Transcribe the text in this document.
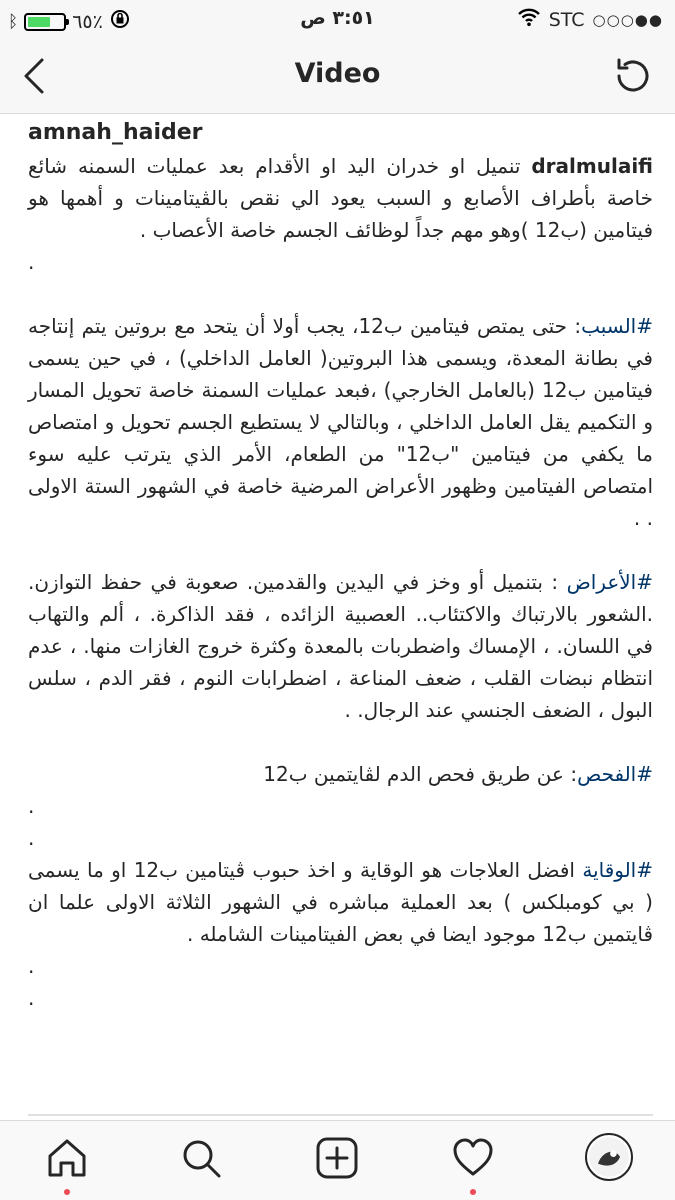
ᛒ	٦٥٪	٣:٥١ ص	STC ○○○●●
Video
amnah_haider

dralmulaifi تنميل او خدران اليد او الأقدام بعد عمليات السمنه شائع خاصة بأطراف الأصابع و السبب يعود الي نقص بالڤيتامينات و أهمها هو فيتامين (ب12 )وهو مهم جداً لوظائف الجسم خاصة الأعصاب .

.

#السبب: حتى يمتص فيتامين ب12، يجب أولا أن يتحد مع بروتين يتم إنتاجه في بطانة المعدة، ويسمى هذا البروتين( العامل الداخلي) ، في حين يسمى فيتامين ب12 (بالعامل الخارجي) ،فبعد عمليات السمنة خاصة تحويل المسار و التكميم يقل العامل الداخلي ، وبالتالي لا يستطيع الجسم تحويل و امتصاص ما يكفي من فيتامين "ب12" من الطعام، الأمر الذي يترتب عليه سوء امتصاص الفيتامين وظهور الأعراض المرضية خاصة في الشهور الستة الاولى . .

#الأعراض : بتنميل أو وخز في اليدين والقدمين. صعوبة في حفظ التوازن. .الشعور بالارتباك والاكتئاب.. العصبية الزائده ، فقد الذاكرة. ، ألم والتهاب في اللسان. ، الإمساك واضطربات بالمعدة وكثرة خروج الغازات منها. ، عدم انتظام نبضات القلب ، ضعف المناعة ، اضطرابات النوم ، فقر الدم ، سلس البول ، الضعف الجنسي عند الرجال. .

#الفحص: عن طريق فحص الدم لڤايتمين ب12

.

.

#الوقاية افضل العلاجات هو الوقاية و اخذ حبوب ڤيتامين ب12 او ما يسمى ( بي كومبلكس ) بعد العملية مباشره في الشهور الثلاثة الاولى علما ان ڤايتمين ب12 موجود ايضا في بعض الفيتامينات الشامله .

.

.
